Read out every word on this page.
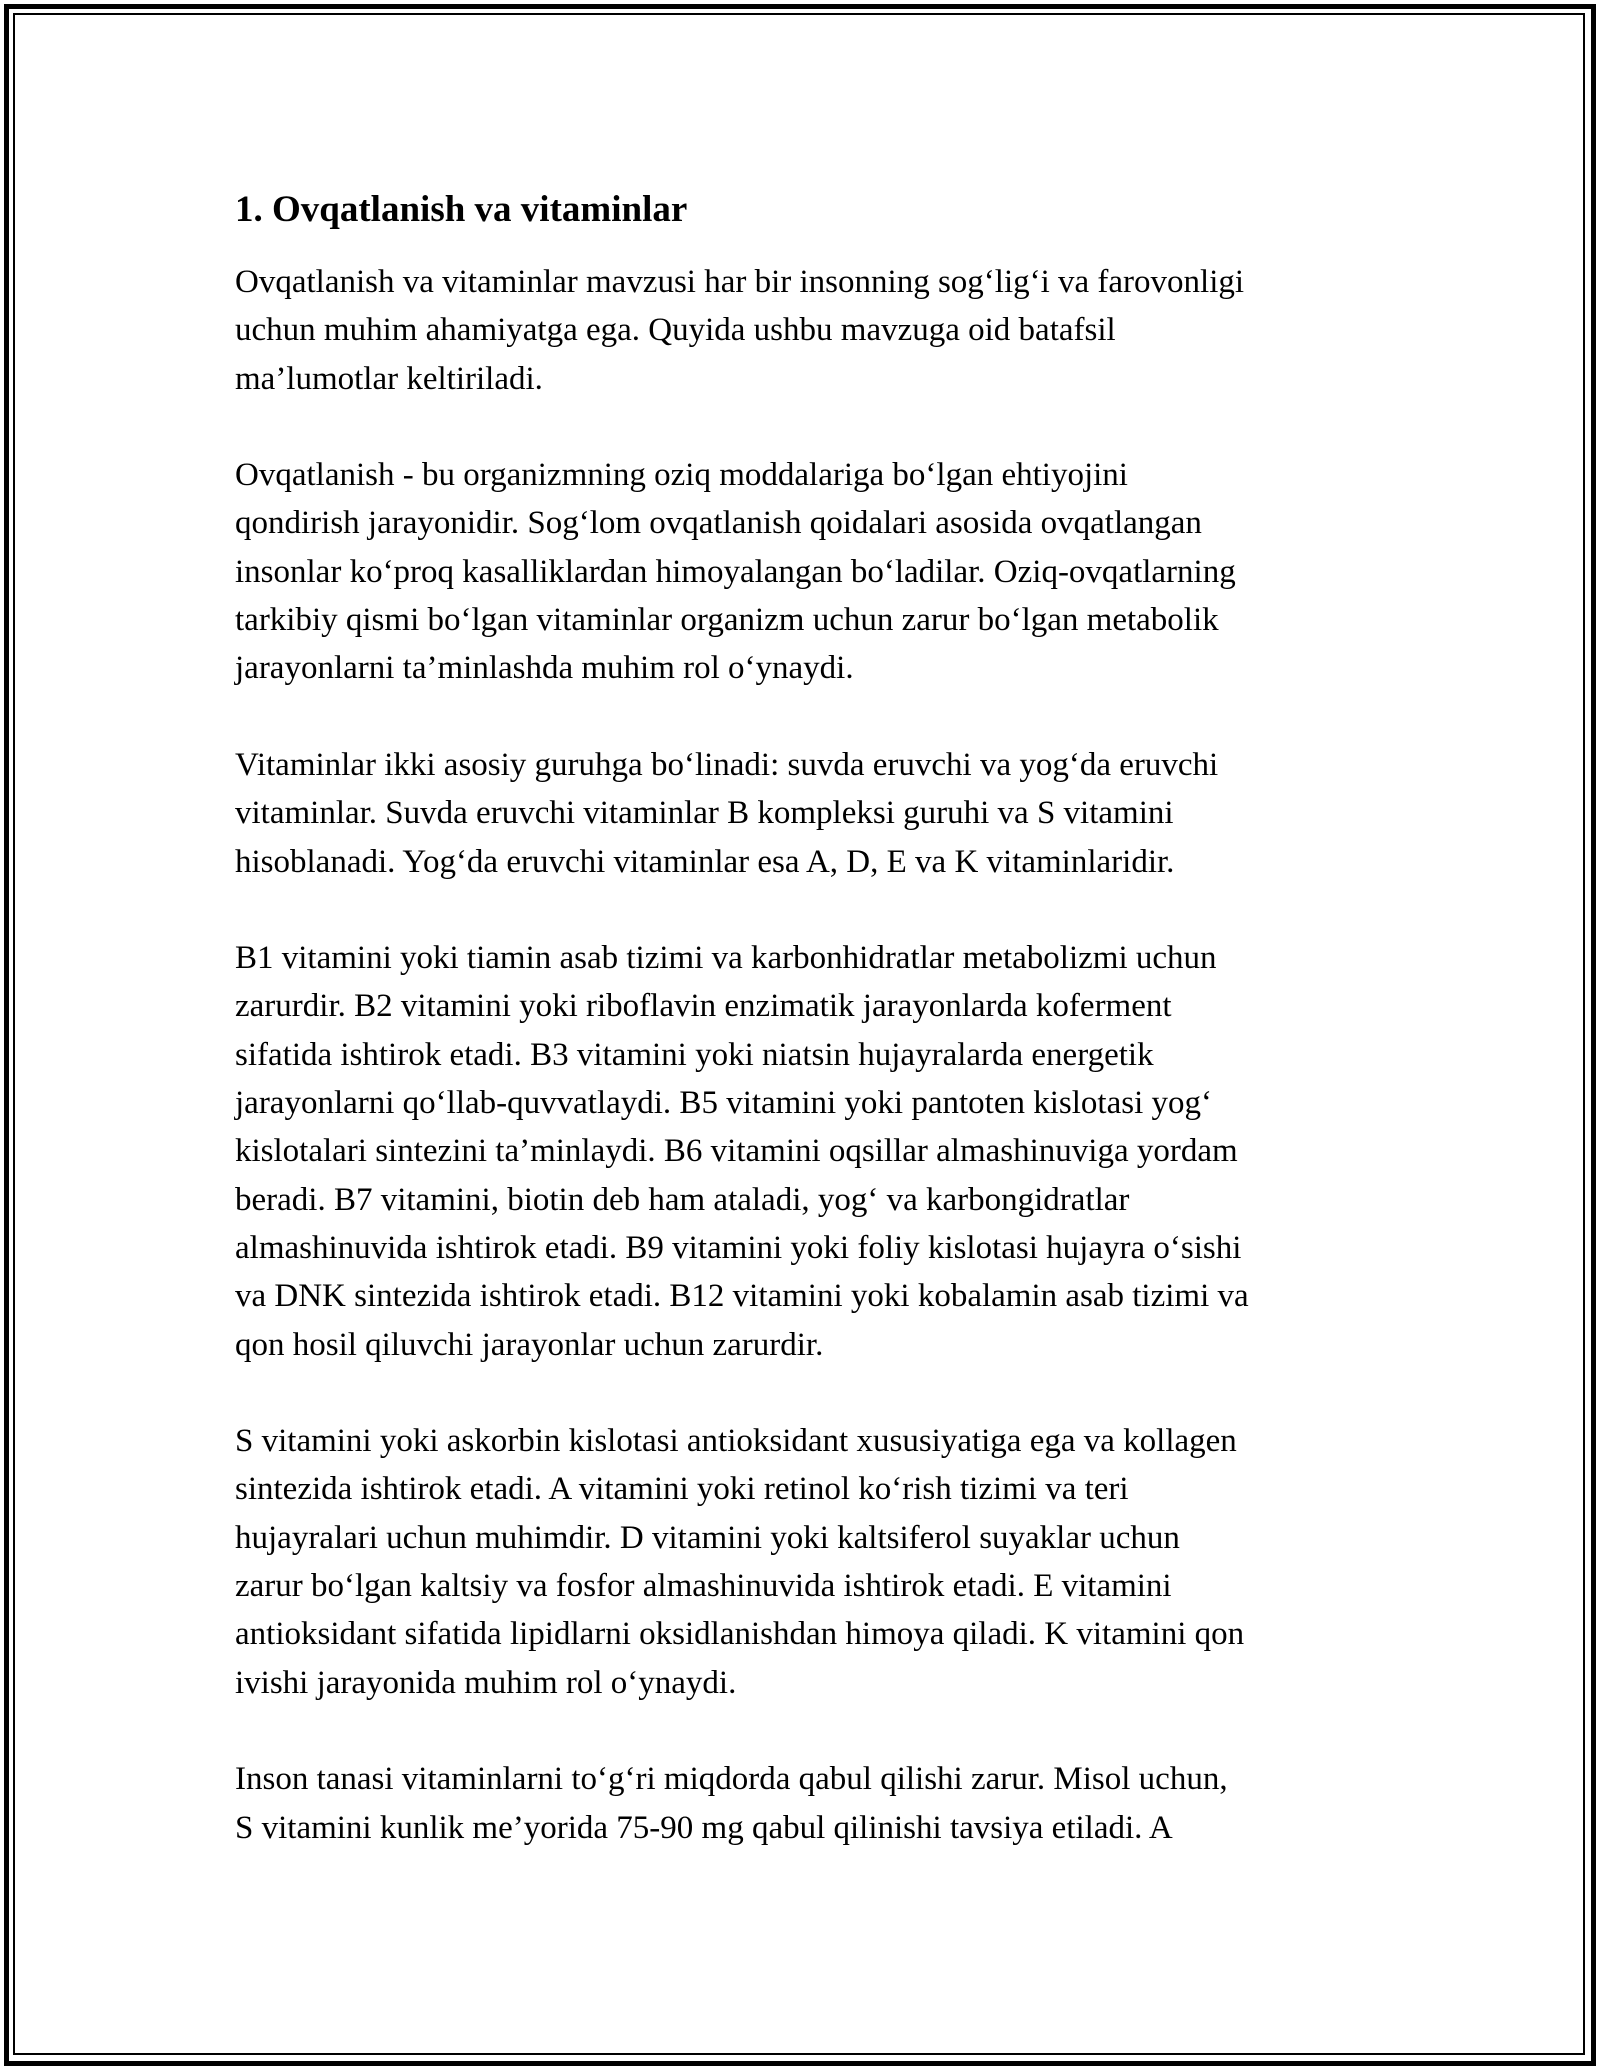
1. Ovqatlanish va vitaminlar

Ovqatlanish va vitaminlar mavzusi har bir insonning sog‘lig‘i va farovonligi
uchun muhim ahamiyatga ega. Quyida ushbu mavzuga oid batafsil
ma’lumotlar keltiriladi.

Ovqatlanish - bu organizmning oziq moddalariga bo‘lgan ehtiyojini
qondirish jarayonidir. Sog‘lom ovqatlanish qoidalari asosida ovqatlangan
insonlar ko‘proq kasalliklardan himoyalangan bo‘ladilar. Oziq-ovqatlarning
tarkibiy qismi bo‘lgan vitaminlar organizm uchun zarur bo‘lgan metabolik
jarayonlarni ta’minlashda muhim rol o‘ynaydi.

Vitaminlar ikki asosiy guruhga bo‘linadi: suvda eruvchi va yog‘da eruvchi
vitaminlar. Suvda eruvchi vitaminlar B kompleksi guruhi va S vitamini
hisoblanadi. Yog‘da eruvchi vitaminlar esa A, D, E va K vitaminlaridir.

B1 vitamini yoki tiamin asab tizimi va karbonhidratlar metabolizmi uchun
zarurdir. B2 vitamini yoki riboflavin enzimatik jarayonlarda koferment
sifatida ishtirok etadi. B3 vitamini yoki niatsin hujayralarda energetik
jarayonlarni qo‘llab-quvvatlaydi. B5 vitamini yoki pantoten kislotasi yog‘
kislotalari sintezini ta’minlaydi. B6 vitamini oqsillar almashinuviga yordam
beradi. B7 vitamini, biotin deb ham ataladi, yog‘ va karbongidratlar
almashinuvida ishtirok etadi. B9 vitamini yoki foliy kislotasi hujayra o‘sishi
va DNK sintezida ishtirok etadi. B12 vitamini yoki kobalamin asab tizimi va
qon hosil qiluvchi jarayonlar uchun zarurdir.

S vitamini yoki askorbin kislotasi antioksidant xususiyatiga ega va kollagen
sintezida ishtirok etadi. A vitamini yoki retinol ko‘rish tizimi va teri
hujayralari uchun muhimdir. D vitamini yoki kaltsiferol suyaklar uchun
zarur bo‘lgan kaltsiy va fosfor almashinuvida ishtirok etadi. E vitamini
antioksidant sifatida lipidlarni oksidlanishdan himoya qiladi. K vitamini qon
ivishi jarayonida muhim rol o‘ynaydi.

Inson tanasi vitaminlarni to‘g‘ri miqdorda qabul qilishi zarur. Misol uchun,
S vitamini kunlik me’yorida 75-90 mg qabul qilinishi tavsiya etiladi. A
